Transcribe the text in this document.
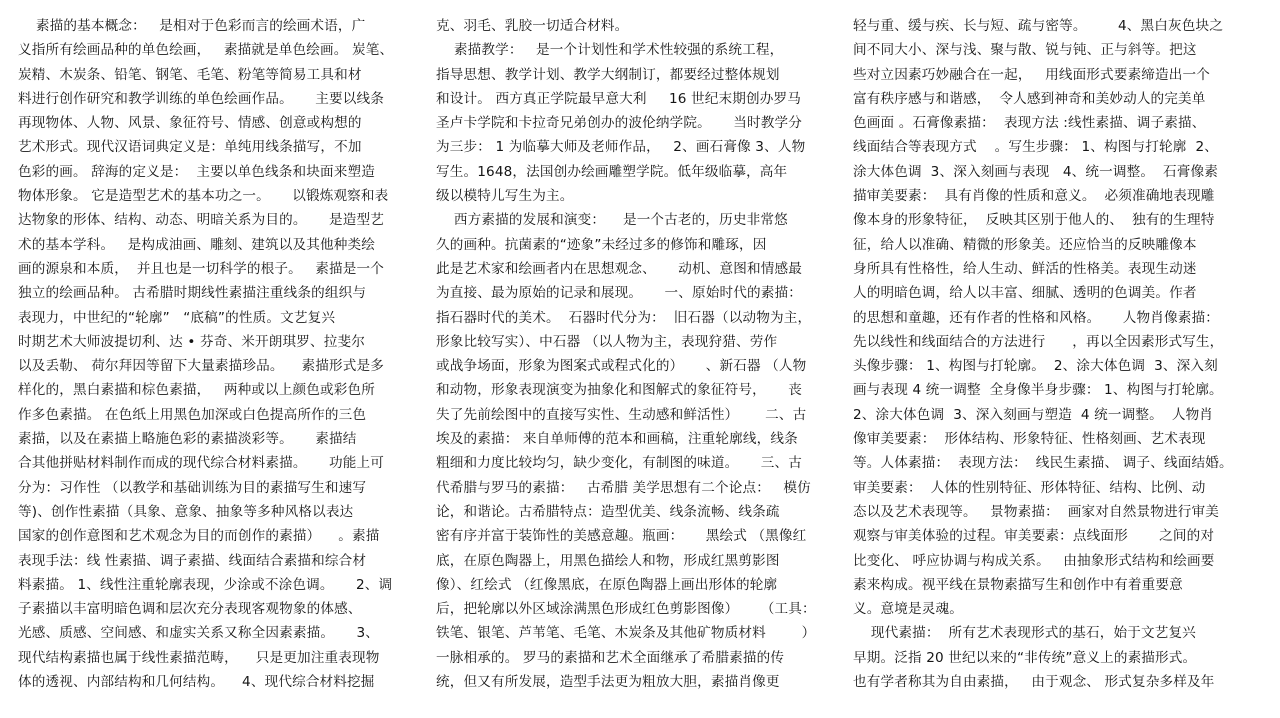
素描的基本概念：   是相对于色彩而言的绘画术语，广
义指所有绘画品种的单色绘画，   素描就是单色绘画。 炭笔、
炭精、木炭条、铅笔、钢笔、毛笔、粉笔等简易工具和材
料进行创作研究和教学训练的单色绘画作品。     主要以线条
再现物体、人物、风景、象征符号、情感、创意或构想的
艺术形式。现代汉语词典定义是：单纯用线条描写，不加
色彩的画。 辞海的定义是：  主要以单色线条和块面来塑造
物体形象。 它是造型艺术的基本功之一。     以锻炼观察和表
达物象的形体、结构、动态、明暗关系为目的。     是造型艺
术的基本学科。   是构成油画、雕刻、建筑以及其他种类绘
画的源泉和本质，  并且也是一切科学的根子。   素描是一个
独立的绘画品种。 古希腊时期线性素描注重线条的组织与
表现力，中世纪的“轮廓”   “底稿”的性质。文艺复兴
时期艺术大师波提切利、达 • 芬奇、米开朗琪罗、拉斐尔
以及丢勒、 荷尔拜因等留下大量素描珍品。    素描形式是多
样化的，黑白素描和棕色素描，   两种或以上颜色或彩色所
作多色素描。 在色纸上用黑色加深或白色提高所作的三色
素描，以及在素描上略施色彩的素描淡彩等。     素描结
合其他拼贴材料制作而成的现代综合材料素描。     功能上可
分为：习作性 （以教学和基础训练为目的素描写生和速写
等)、创作性素描（具象、意象、抽象等多种风格以表达
国家的创作意图和艺术观念为目的而创作的素描）    。素描
表现手法：线 性素描、调子素描、线面结合素描和综合材
料素描。 1、线性注重轮廓表现，少涂或不涂色调。     2、调
子素描以丰富明暗色调和层次充分表现客观物象的体感、
光感、质感、空间感、和虚实关系又称全因素素描。     3、
现代结构素描也属于线性素描范畴，    只是更加注重表现物
体的透视、内部结构和几何结构。    4、现代综合材料挖掘
克、羽毛、乳胶一切适合材料。
素描教学：   是一个计划性和学术性较强的系统工程，
指导思想、教学计划、教学大纲制订，都要经过整体规划
和设计。 西方真正学院最早意大利     16 世纪末期创办罗马
圣卢卡学院和卡拉奇兄弟创办的波伦纳学院。     当时教学分
为三步： 1 为临摹大师及老师作品，   2、画石膏像 3、人物
写生。1648，法国创办绘画雕塑学院。低年级临摹，高年
级以模特儿写生为主。
西方素描的发展和演变：    是一个古老的，历史非常悠
久的画种。抗菌素的“迹象”未经过多的修饰和雕琢，因
此是艺术家和绘画者内在思想观念、     动机、意图和情感最
为直接、最为原始的记录和展现。     一、原始时代的素描：
指石器时代的美术。  石器时代分为：  旧石器（以动物为主，
形象比较写实）、中石器 （以人物为主，表现狩猎、劳作
或战争场面，形象为图案式或程式化的）     、新石器 （人物
和动物，形象表现演变为抽象化和图解式的象征符号，     丧
失了先前绘图中的直接写实性、生动感和鲜活性）      二、古
埃及的素描： 来自单师傅的范本和画稿，注重轮廓线，线条
粗细和力度比较均匀，缺少变化，有制图的味道。     三、古
代希腊与罗马的素描：   古希腊 美学思想有二个论点：   模仿
论，和谐论。古希腊特点：造型优美、线条流畅、线条疏
密有序并富于装饰性的美感意趣。瓶画：     黑绘式 （黑像红
底，在原色陶器上，用黑色描绘人和物，形成红黑剪影图
像）、红绘式 （红像黑底，在原色陶器上画出形体的轮廓
后，把轮廓以外区域涂满黑色形成红色剪影图像）     （工具：
铁笔、银笔、芦苇笔、毛笔、木炭条及其他矿物质材料        ）
一脉相承的。 罗马的素描和艺术全面继承了希腊素描的传
统，但又有所发展，造型手法更为粗放大胆，素描肖像更
轻与重、缓与疾、长与短、疏与密等。       4、黑白灰色块之
间不同大小、深与浅、聚与散、锐与钝、正与斜等。把这
些对立因素巧妙融合在一起，   用线面形式要素缔造出一个
富有秩序感与和谐感，  令人感到神奇和美妙动人的完美单
色画面 。石膏像素描：  表现方法 :线性素描、调子素描、
线面结合等表现方式    。写生步骤： 1、构图与打轮廓  2、
涂大体色调  3、深入刻画与表现   4、统一调整。  石膏像素
描审美要素：  具有肖像的性质和意义。  必须准确地表现雕
像本身的形象特征，  反映其区别于他人的、  独有的生理特
征，给人以准确、精微的形象美。还应恰当的反映雕像本
身所具有性格性，给人生动、鲜活的性格美。表现生动迷
人的明暗色调，给人以丰富、细腻、透明的色调美。作者
的思想和童趣，还有作者的性格和风格。     人物肖像素描：
先以线性和线面结合的方法进行      ，再以全因素形式写生，
头像步骤： 1、构图与打轮廓。  2、涂大体色调  3、深入刻
画与表现 4 统一调整  全身像半身步骤： 1、构图与打轮廓。
2、涂大体色调  3、深入刻画与塑造  4 统一调整。  人物肖
像审美要素：  形体结构、形象特征、性格刻画、艺术表现
等。人体素描：  表现方法：  线民生素描、 调子、线面结婚。
审美要素：  人体的性别特征、形体特征、结构、比例、动
态以及艺术表现等。   景物素描：  画家对自然景物进行审美
观察与审美体验的过程。审美要素：点线面形       之间的对
比变化、 呼应协调与构成关系。   由抽象形式结构和绘画要
素来构成。视平线在景物素描写生和创作中有着重要意
义。意境是灵魂。
现代素描：  所有艺术表现形式的基石，始于文艺复兴
早期。泛指 20 世纪以来的“非传统”意义上的素描形式。
也有学者称其为自由素描，   由于观念、 形式复杂多样及年
